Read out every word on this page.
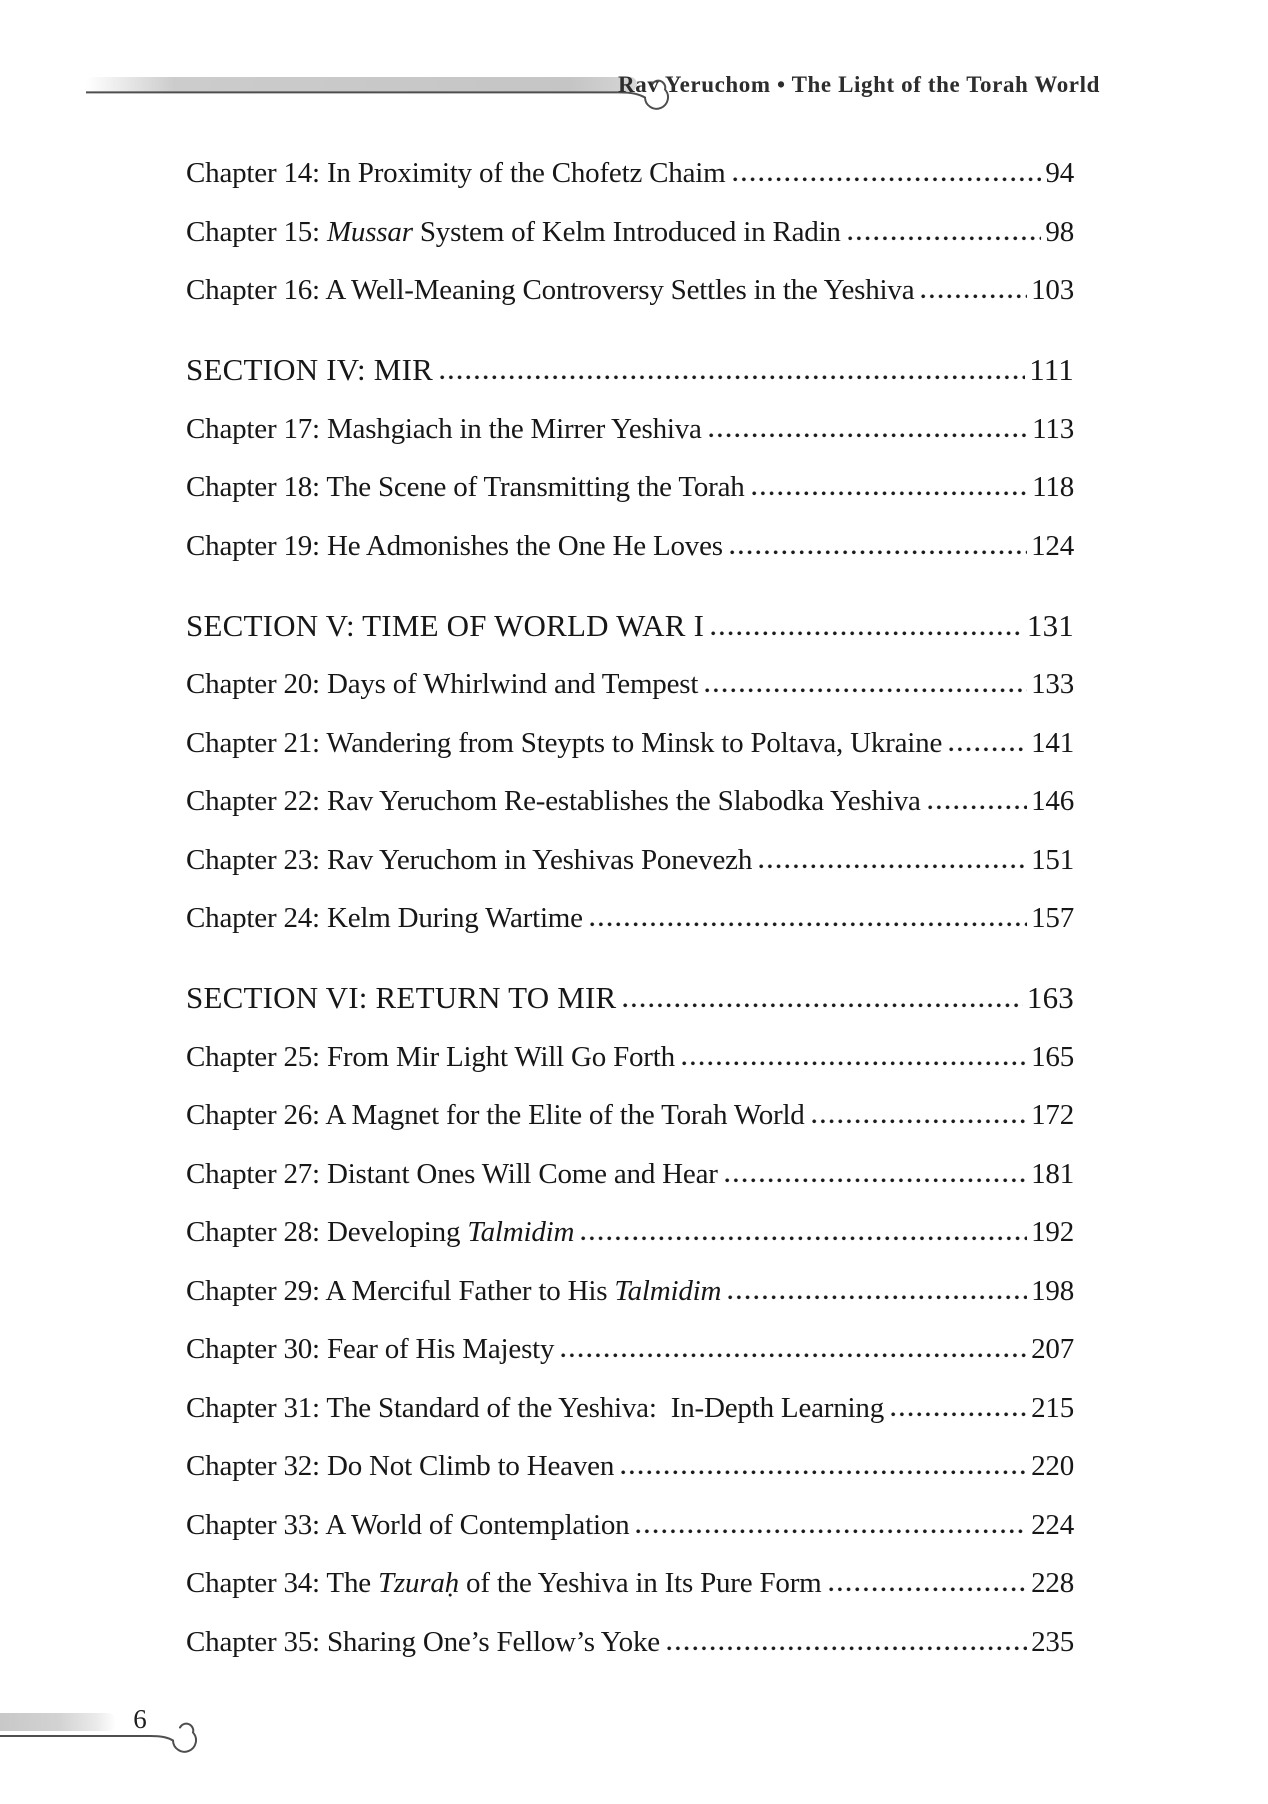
Rav Yeruchom • The Light of the Torah World
Chapter 14: In Proximity of the Chofetz Chaim	94
Chapter 15: Mussar System of Kelm Introduced in Radin	98
Chapter 16: A Well-Meaning Controversy Settles in the Yeshiva	103
SECTION IV: MIR	111
Chapter 17: Mashgiach in the Mirrer Yeshiva	113
Chapter 18: The Scene of Transmitting the Torah	118
Chapter 19: He Admonishes the One He Loves	124
SECTION V: TIME OF WORLD WAR I	131
Chapter 20: Days of Whirlwind and Tempest	133
Chapter 21: Wandering from Steypts to Minsk to Poltava, Ukraine	141
Chapter 22: Rav Yeruchom Re-establishes the Slabodka Yeshiva	146
Chapter 23: Rav Yeruchom in Yeshivas Ponevezh	151
Chapter 24: Kelm During Wartime	157
SECTION VI: RETURN TO MIR	163
Chapter 25: From Mir Light Will Go Forth	165
Chapter 26: A Magnet for the Elite of the Torah World	172
Chapter 27: Distant Ones Will Come and Hear	181
Chapter 28: Developing Talmidim	192
Chapter 29: A Merciful Father to His Talmidim	198
Chapter 30: Fear of His Majesty	207
Chapter 31: The Standard of the Yeshiva:  In-Depth Learning	215
Chapter 32: Do Not Climb to Heaven	220
Chapter 33: A World of Contemplation	224
Chapter 34: The Tzuraḥ of the Yeshiva in Its Pure Form	228
Chapter 35: Sharing One’s Fellow’s Yoke	235
6
